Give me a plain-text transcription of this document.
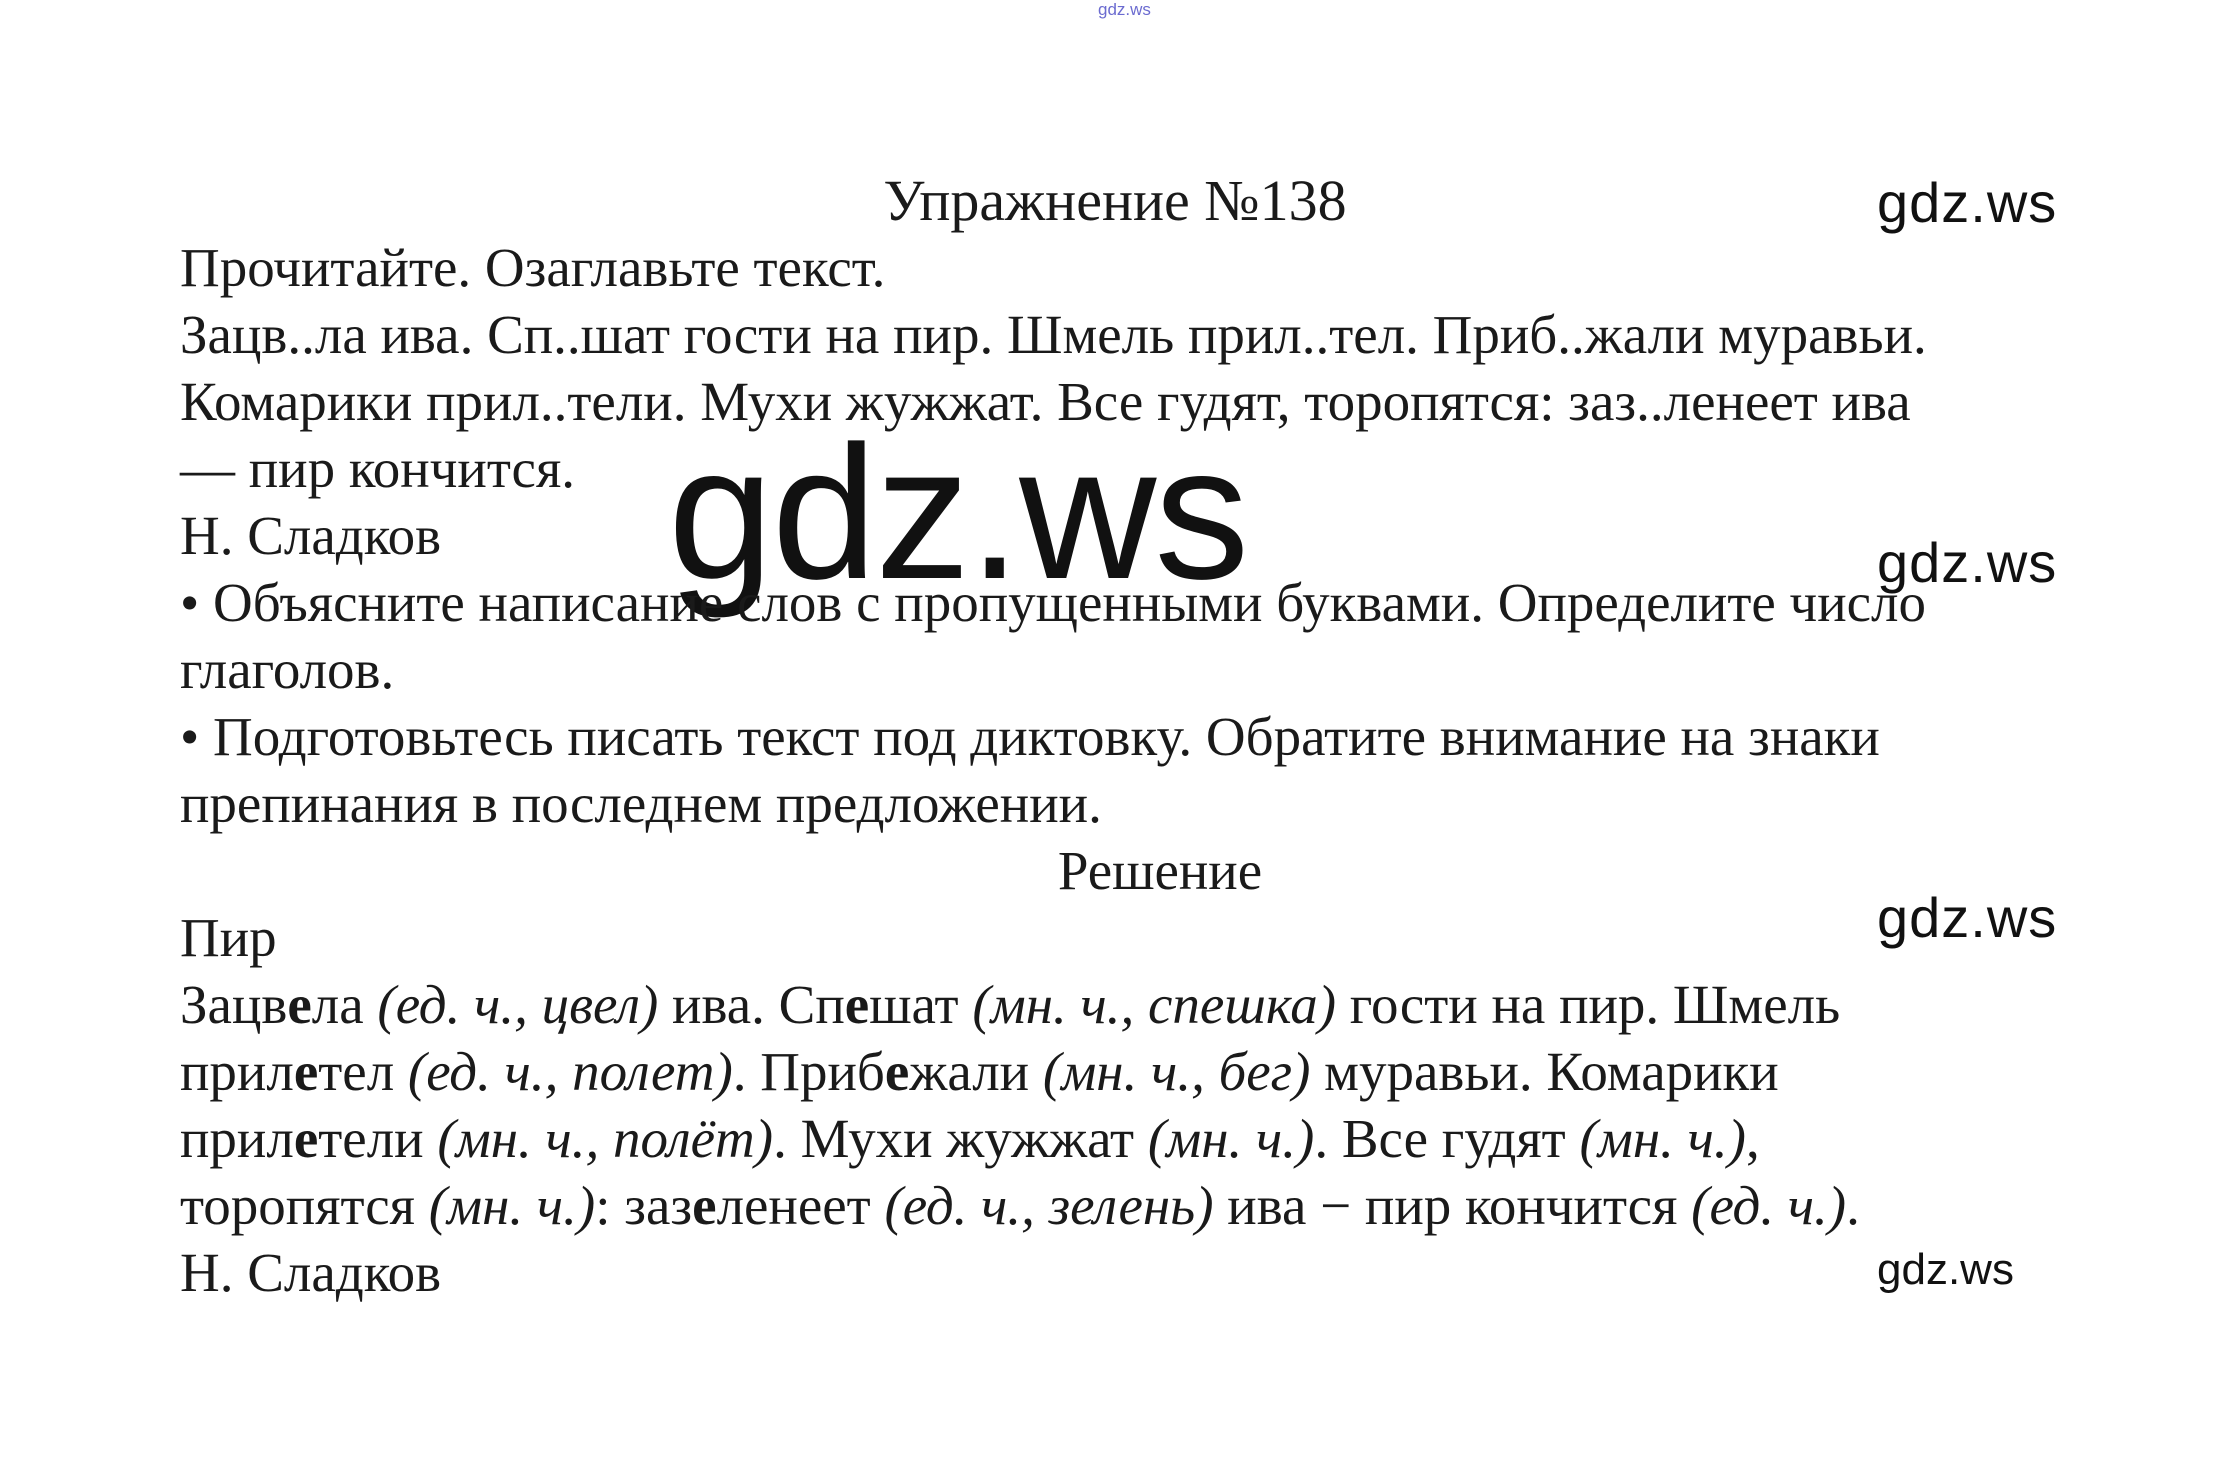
gdz.ws
Упражнение №138	gdz.ws
Прочитайте. Озаглавьте текст.
Зацв..ла ива. Сп..шат гости на пир. Шмель прил..тел. Приб..жали муравьи.
Комарики прил..тели. Мухи жужжат. Все гудят, торопятся: заз..ленеет ива
— пир кончится.
Н. Сладков gdz.ws	gdz.ws
• Объясните написание слов с пропущенными буквами. Определите число
глаголов.
• Подготовьтесь писать текст под диктовку. Обратите внимание на знаки
препинания в последнем предложении.
Решение
gdz.ws
Пир
Зацвела (ед. ч., цвел) ива. Спешат (мн. ч., спешка) гости на пир. Шмель
прилетел (ед. ч., полет). Прибежали (мн. ч., бег) муравьи. Комарики
прилетели (мн. ч., полёт). Мухи жужжат (мн. ч.). Все гудят (мн. ч.),
торопятся (мн. ч.): зазеленеет (ед. ч., зелень) ива − пир кончится (ед. ч.).
gdz.ws
Н. Сладков
